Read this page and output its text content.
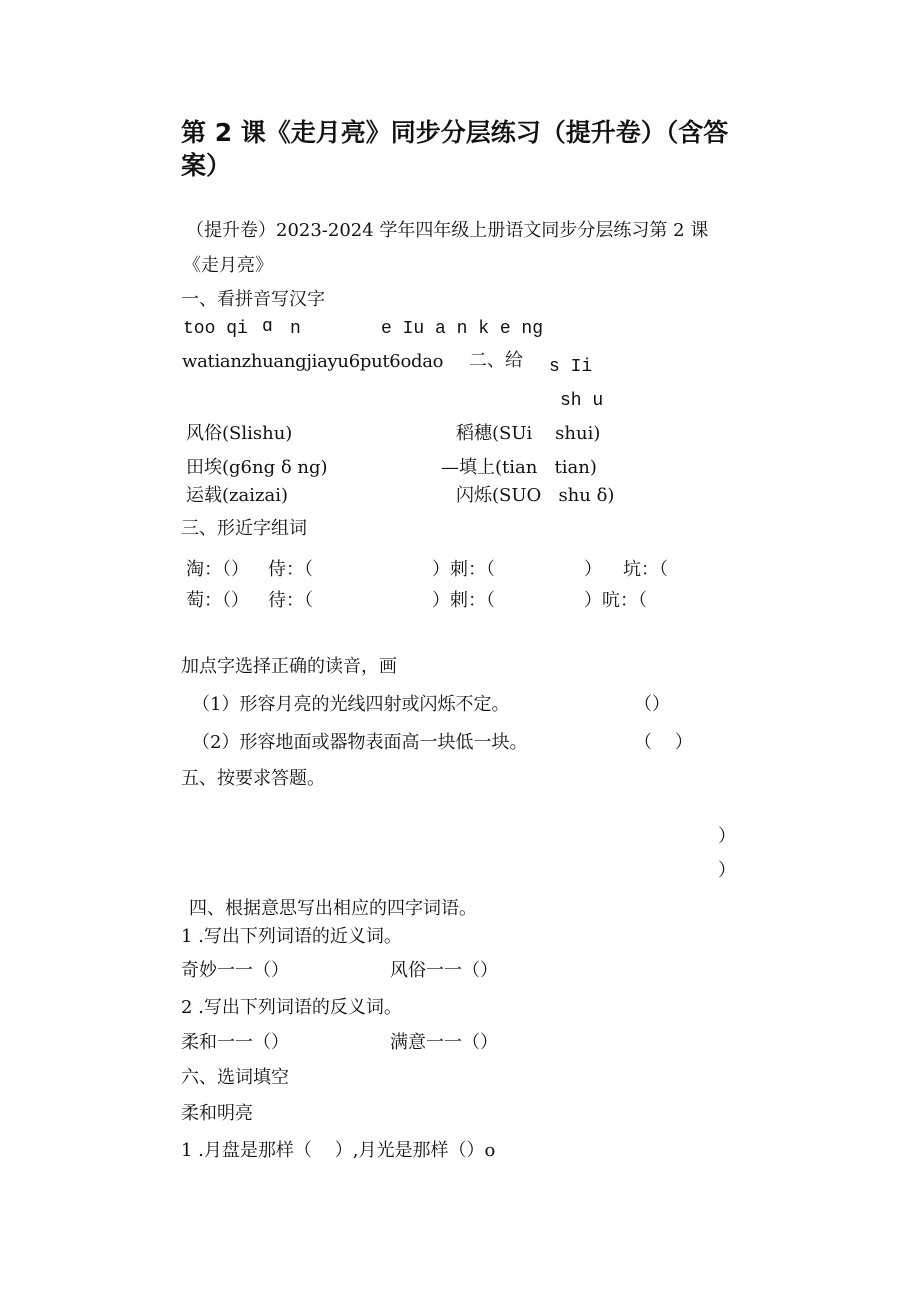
第 2 课《走月亮》同步分层练习（提升卷）（含答
案）
（提升卷）2023-2024 学年四年级上册语文同步分层练习第 2 课
《走月亮》
一、看拼音写汉字
too qi ɑ n	e Iu a n k e ng
watianzhuangjiayu6put6odao 二、给 s Ii
sh u
风俗(Slishu)	稻穗(SUi    shui)
田埃(g6ng δ ng)	—填上(tian   tian)
运载(zaizai)	闪烁(SUO   shu δ)
三、形近字组词
淘：（） 侍：（	）刺：（	） 坑：（
萄：（） 待：（	）剌：（	）吭：（
加点字选择正确的读音，画
（1）形容月亮的光线四射或闪烁不定。	（）
（2）形容地面或器物表面高一块低一块。	（    ）
五、按要求答题。
）
）
四、根据意思写出相应的四字词语。
1 .写出下列词语的近义词。
奇妙一一（）	风俗一一（）
2 .写出下列词语的反义词。
柔和一一（）	满意一一（）
六、选词填空
柔和明亮
1 .月盘是那样（    ）,月光是那样（）o
